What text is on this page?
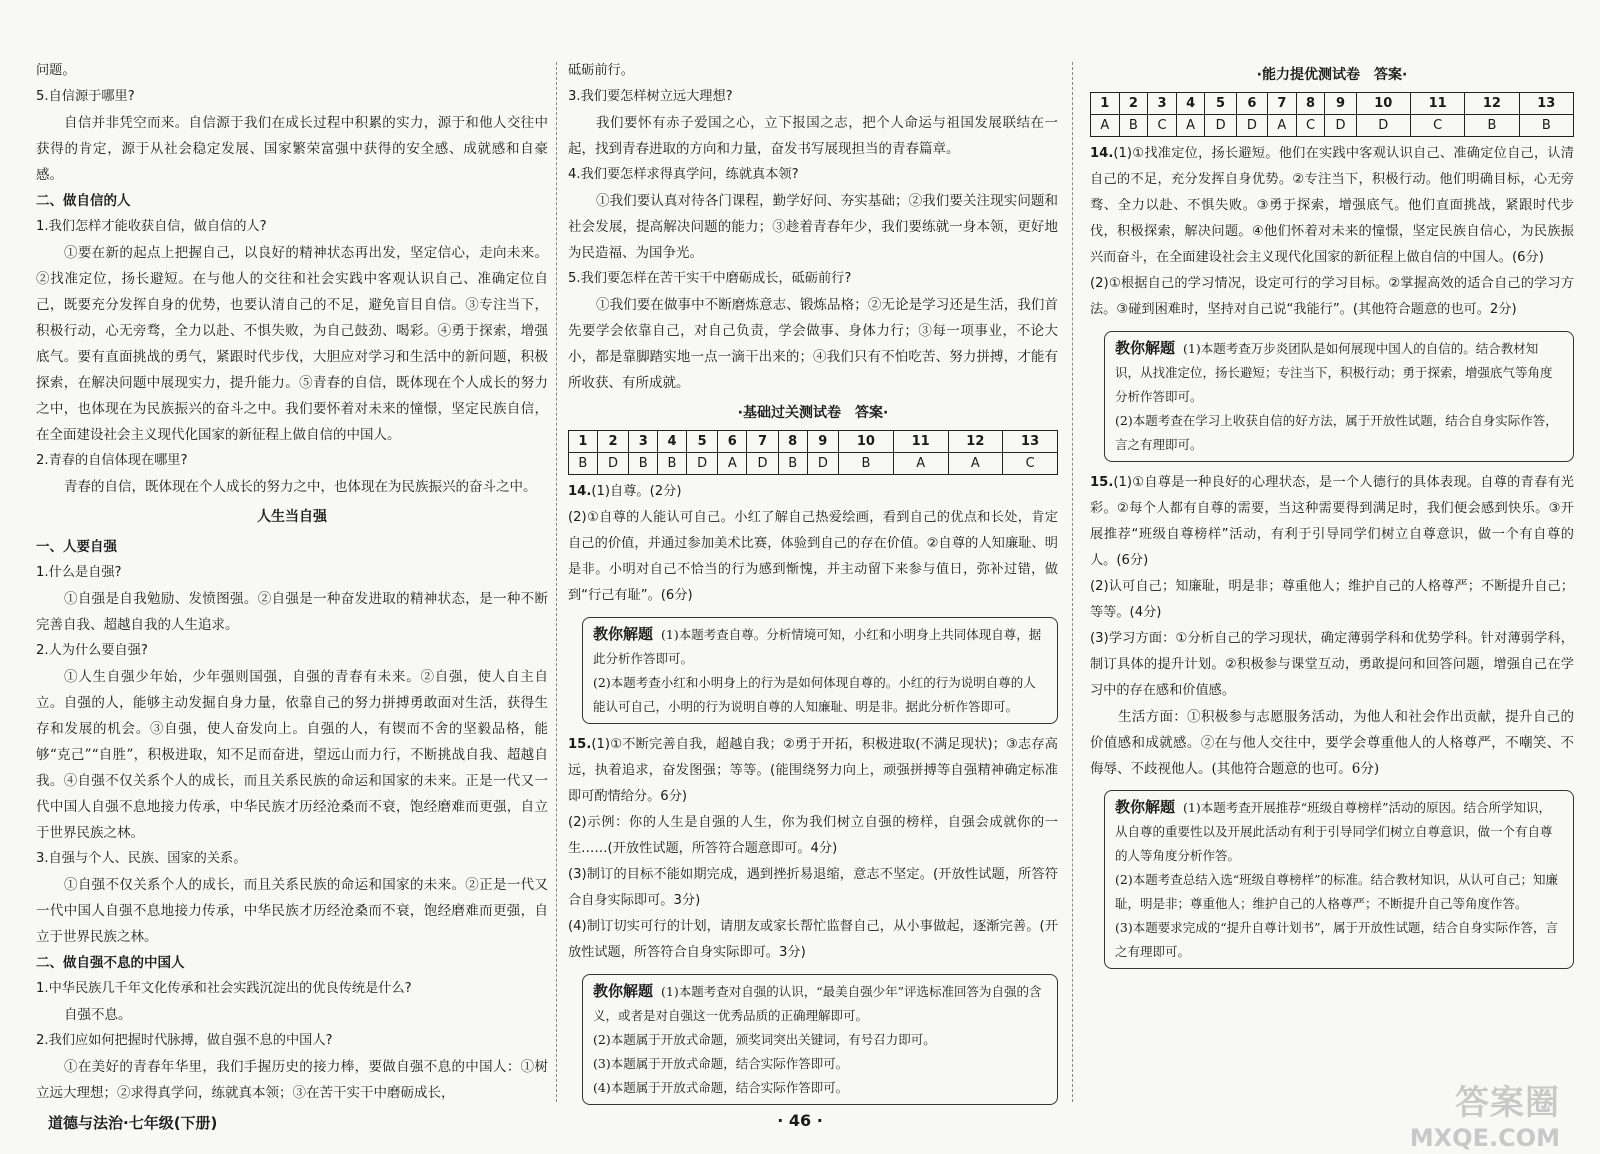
问题。

5.自信源于哪里?

自信并非凭空而来。自信源于我们在成长过程中积累的实力，源于和他人交往中获得的肯定，源于从社会稳定发展、国家繁荣富强中获得的安全感、成就感和自豪感。

二、做自信的人

1.我们怎样才能收获自信，做自信的人?

①要在新的起点上把握自己，以良好的精神状态再出发，坚定信心，走向未来。②找准定位，扬长避短。在与他人的交往和社会实践中客观认识自己、准确定位自己，既要充分发挥自身的优势，也要认清自己的不足，避免盲目自信。③专注当下，积极行动，心无旁骛，全力以赴、不惧失败，为自己鼓劲、喝彩。④勇于探索，增强底气。要有直面挑战的勇气，紧跟时代步伐，大胆应对学习和生活中的新问题，积极探索，在解决问题中展现实力，提升能力。⑤青春的自信，既体现在个人成长的努力之中，也体现在为民族振兴的奋斗之中。我们要怀着对未来的憧憬，坚定民族自信，在全面建设社会主义现代化国家的新征程上做自信的中国人。

2.青春的自信体现在哪里?

青春的自信，既体现在个人成长的努力之中，也体现在为民族振兴的奋斗之中。

人生当自强

一、人要自强

1.什么是自强?

①自强是自我勉励、发愤图强。②自强是一种奋发进取的精神状态，是一种不断完善自我、超越自我的人生追求。

2.人为什么要自强?

①人生自强少年始，少年强则国强，自强的青春有未来。②自强，使人自主自立。自强的人，能够主动发掘自身力量，依靠自己的努力拼搏勇敢面对生活，获得生存和发展的机会。③自强，使人奋发向上。自强的人，有锲而不舍的坚毅品格，能够“克己”“自胜”，积极进取，知不足而奋进，望远山而力行，不断挑战自我、超越自我。④自强不仅关系个人的成长，而且关系民族的命运和国家的未来。正是一代又一代中国人自强不息地接力传承，中华民族才历经沧桑而不衰，饱经磨难而更强，自立于世界民族之林。

3.自强与个人、民族、国家的关系。

①自强不仅关系个人的成长，而且关系民族的命运和国家的未来。②正是一代又一代中国人自强不息地接力传承，中华民族才历经沧桑而不衰，饱经磨难而更强，自立于世界民族之林。

二、做自强不息的中国人

1.中华民族几千年文化传承和社会实践沉淀出的优良传统是什么?

自强不息。

2.我们应如何把握时代脉搏，做自强不息的中国人?

①在美好的青春年华里，我们手握历史的接力棒，要做自强不息的中国人：①树立远大理想；②求得真学问，练就真本领；③在苦干实干中磨砺成长，

砥砺前行。

3.我们要怎样树立远大理想?

我们要怀有赤子爱国之心，立下报国之志，把个人命运与祖国发展联结在一起，找到青春进取的方向和力量，奋发书写展现担当的青春篇章。

4.我们要怎样求得真学问，练就真本领?

①我们要认真对待各门课程，勤学好问、夯实基础；②我们要关注现实问题和社会发展，提高解决问题的能力；③趁着青春年少，我们要练就一身本领，更好地为民造福、为国争光。

5.我们要怎样在苦干实干中磨砺成长，砥砺前行?

①我们要在做事中不断磨炼意志、锻炼品格；②无论是学习还是生活，我们首先要学会依靠自己，对自己负责，学会做事、身体力行；③每一项事业，不论大小，都是靠脚踏实地一点一滴干出来的；④我们只有不怕吃苦、努力拼搏，才能有所收获、有所成就。

·基础过关测试卷　答案·

1	2	3	4	5	6	7	8	9	10	11	12	13
B	D	B	B	D	A	D	B	D	B	A	A	C

14.(1)自尊。(2分)

(2)①自尊的人能认可自己。小红了解自己热爱绘画，看到自己的优点和长处，肯定自己的价值，并通过参加美术比赛，体验到自己的存在价值。②自尊的人知廉耻、明是非。小明对自己不恰当的行为感到惭愧，并主动留下来参与值日，弥补过错，做到“行己有耻”。(6分)

教你解题 (1)本题考查自尊。分析情境可知，小红和小明身上共同体现自尊，据此分析作答即可。

(2)本题考查小红和小明身上的行为是如何体现自尊的。小红的行为说明自尊的人能认可自己，小明的行为说明自尊的人知廉耻、明是非。据此分析作答即可。

15.(1)①不断完善自我，超越自我；②勇于开拓，积极进取(不满足现状)；③志存高远，执着追求，奋发图强；等等。(能围绕努力向上，顽强拼搏等自强精神确定标准即可酌情给分。6分)

(2)示例：你的人生是自强的人生，你为我们树立自强的榜样，自强会成就你的一生……(开放性试题，所答符合题意即可。4分)

(3)制订的目标不能如期完成，遇到挫折易退缩，意志不坚定。(开放性试题，所答符合自身实际即可。3分)

(4)制订切实可行的计划，请朋友或家长帮忙监督自己，从小事做起，逐渐完善。(开放性试题，所答符合自身实际即可。3分)

教你解题 (1)本题考查对自强的认识，“最美自强少年”评选标准回答为自强的含义，或者是对自强这一优秀品质的正确理解即可。

(2)本题属于开放式命题，颁奖词突出关键词，有号召力即可。

(3)本题属于开放式命题，结合实际作答即可。

(4)本题属于开放式命题，结合实际作答即可。

·能力提优测试卷　答案·

1	2	3	4	5	6	7	8	9	10	11	12	13
A	B	C	A	D	D	A	C	D	D	C	B	B

14.(1)①找准定位，扬长避短。他们在实践中客观认识自己、准确定位自己，认清自己的不足，充分发挥自身优势。②专注当下，积极行动。他们明确目标，心无旁骛、全力以赴、不惧失败。③勇于探索，增强底气。他们直面挑战，紧跟时代步伐，积极探索，解决问题。④他们怀着对未来的憧憬，坚定民族自信心，为民族振兴而奋斗，在全面建设社会主义现代化国家的新征程上做自信的中国人。(6分)

(2)①根据自己的学习情况，设定可行的学习目标。②掌握高效的适合自己的学习方法。③碰到困难时，坚持对自己说“我能行”。(其他符合题意的也可。2分)

教你解题 (1)本题考查万步炎团队是如何展现中国人的自信的。结合教材知识，从找准定位，扬长避短；专注当下，积极行动；勇于探索，增强底气等角度分析作答即可。

(2)本题考查在学习上收获自信的好方法，属于开放性试题，结合自身实际作答，言之有理即可。

15.(1)①自尊是一种良好的心理状态，是一个人德行的具体表现。自尊的青春有光彩。②每个人都有自尊的需要，当这种需要得到满足时，我们便会感到快乐。③开展推荐“班级自尊榜样”活动，有利于引导同学们树立自尊意识，做一个有自尊的人。(6分)

(2)认可自己；知廉耻，明是非；尊重他人；维护自己的人格尊严；不断提升自己；等等。(4分)

(3)学习方面：①分析自己的学习现状，确定薄弱学科和优势学科。针对薄弱学科，制订具体的提升计划。②积极参与课堂互动，勇敢提问和回答问题，增强自己在学习中的存在感和价值感。

生活方面：①积极参与志愿服务活动，为他人和社会作出贡献，提升自己的价值感和成就感。②在与他人交往中，要学会尊重他人的人格尊严，不嘲笑、不侮辱、不歧视他人。(其他符合题意的也可。6分)

教你解题 (1)本题考查开展推荐“班级自尊榜样”活动的原因。结合所学知识，从自尊的重要性以及开展此活动有利于引导同学们树立自尊意识，做一个有自尊的人等角度分析作答。

(2)本题考查总结入选“班级自尊榜样”的标准。结合教材知识，从认可自己；知廉耻，明是非；尊重他人；维护自己的人格尊严；不断提升自己等角度作答。

(3)本题要求完成的“提升自尊计划书”，属于开放性试题，结合自身实际作答，言之有理即可。

道德与法治·七年级(下册)	· 46 ·	答案圈
MXQE.COM
